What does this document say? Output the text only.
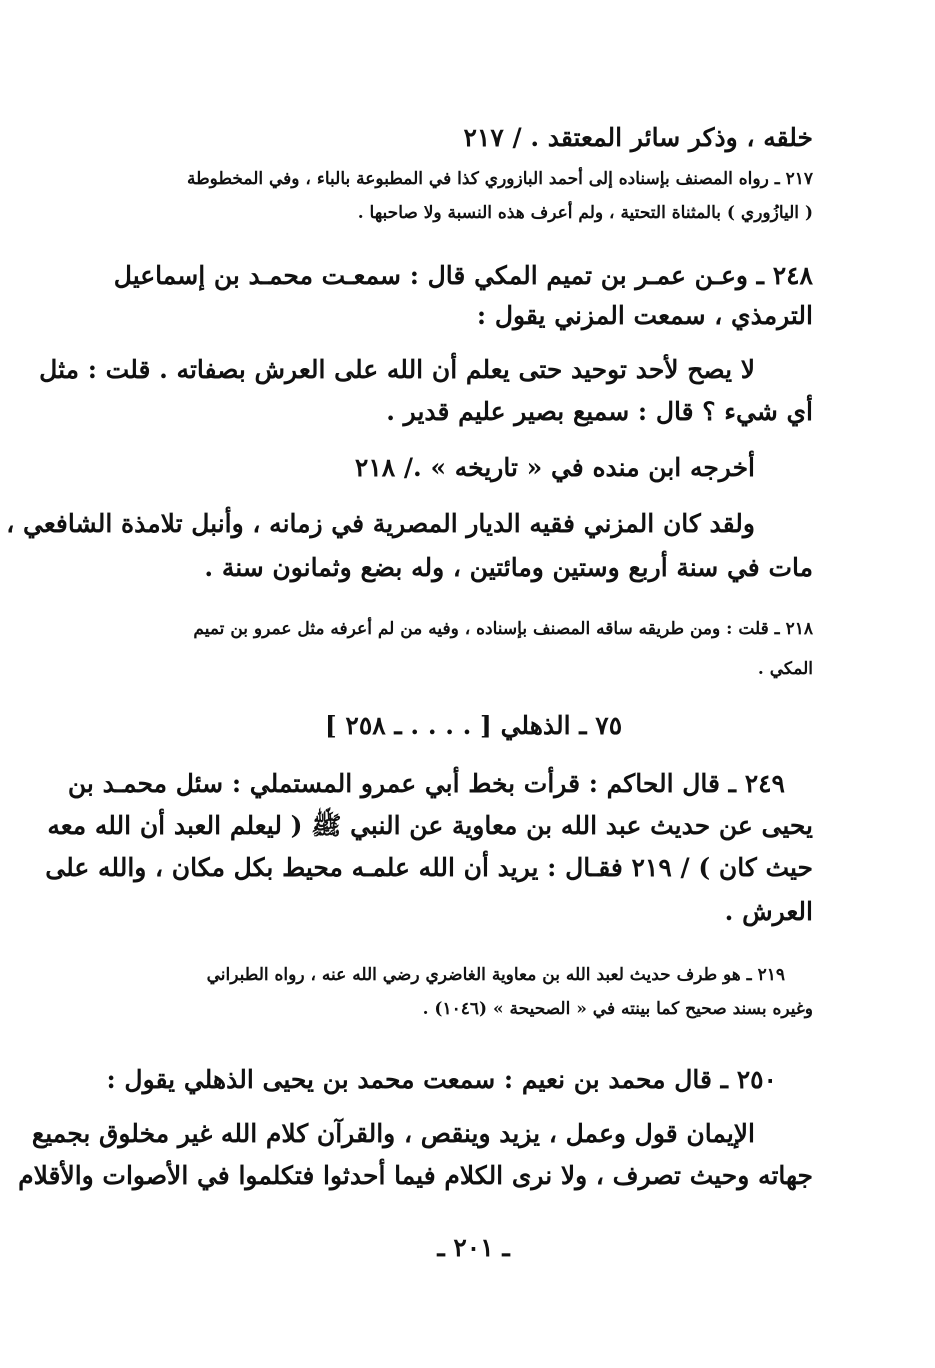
خلقه ، وذكر سائر المعتقد . / ٢١٧
٢١٧ ـ رواه المصنف بإسناده إلى أحمد البازوري كذا في المطبوعة بالباء ، وفي المخطوطة
( اليازُوري ) بالمثناة التحتية ، ولم أعرف هذه النسبة ولا صاحبها .
٢٤٨ ـ وعـن عمـر بن تميم المكي قال : سمعـت محمـد بن إسماعيل
الترمذي ، سمعت المزني يقول :
لا يصح لأحد توحيد حتى يعلم أن الله على العرش بصفاته . قلت : مثل
أي شيء ؟ قال : سميع بصير عليم قدير .
أخرجه ابن منده في « تاريخه » ./ ٢١٨
ولقد كان المزني فقيه الديار المصرية في زمانه ، وأنبل تلامذة الشافعي ،
مات في سنة أربع وستين ومائتين ، وله بضع وثمانون سنة .
٢١٨ ـ قلت : ومن طريقه ساقه المصنف بإسناده ، وفيه من لم أعرفه مثل عمرو بن تميم
المكي .
٧٥ ـ الذهلي [ . . . . ـ ٢٥٨ ]
٢٤٩ ـ قال الحاكم : قرأت بخط أبي عمرو المستملي : سئل محمـد بن
يحيى عن حديث عبد الله بن معاوية عن النبي ﷺ ( ليعلم العبد أن الله معه
حيث كان ) / ٢١٩ فقـال : يريد أن الله علمـه محيط بكل مكان ، والله على
العرش .
٢١٩ ـ هو طرف حديث لعبد الله بن معاوية الغاضري رضي الله عنه ، رواه الطبراني
وغيره بسند صحيح كما بينته في « الصحيحة » (١٠٤٦) .
٢٥٠ ـ قال محمد بن نعيم : سمعت محمد بن يحيى الذهلي يقول :
الإيمان قول وعمل ، يزيد وينقص ، والقرآن كلام الله غير مخلوق بجميع
جهاته وحيث تصرف ، ولا نرى الكلام فيما أحدثوا فتكلموا في الأصوات والأقلام
ـ ٢٠١ ـ
